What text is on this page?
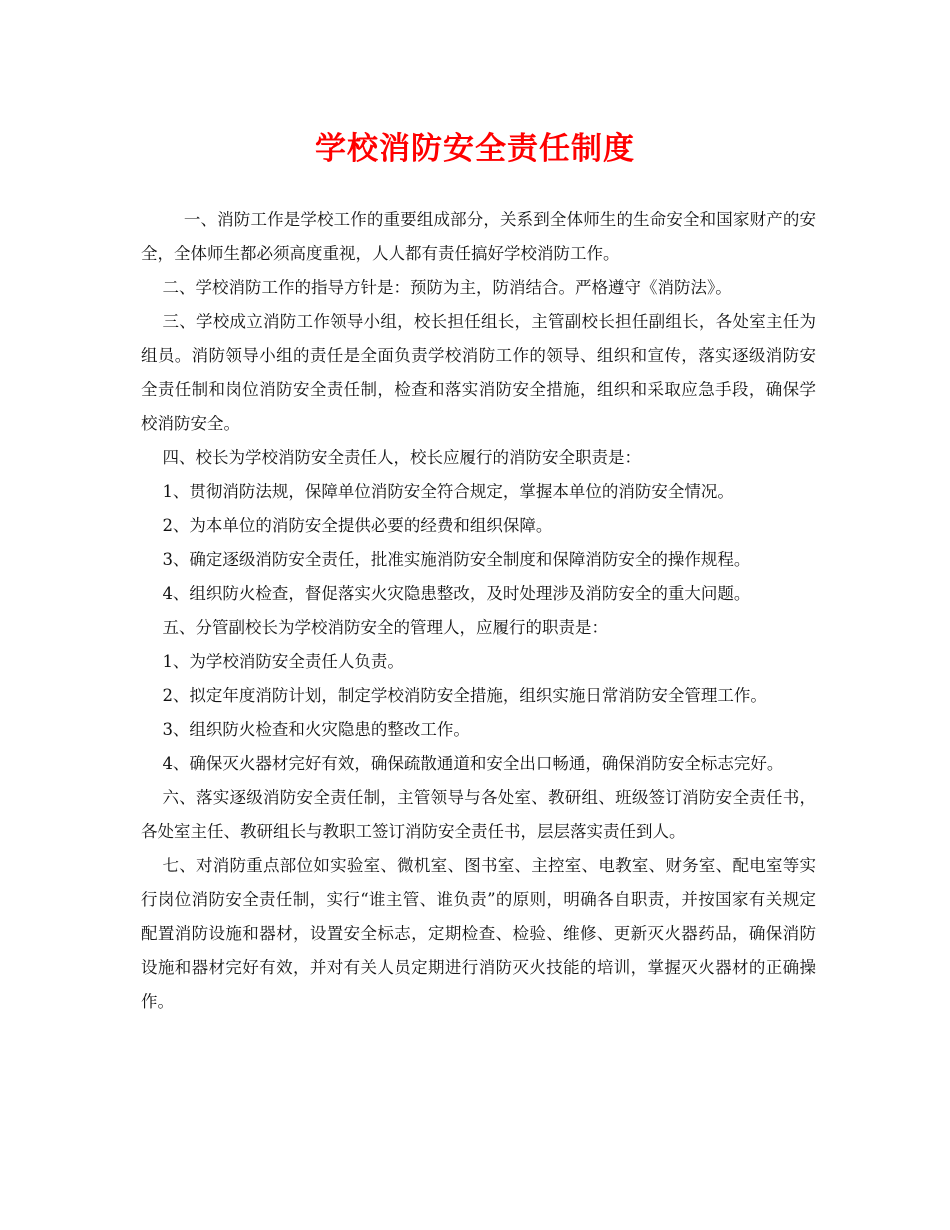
学校消防安全责任制度

一、消防工作是学校工作的重要组成部分，关系到全体师生的生命安全和国家财产的安全，全体师生都必须高度重视，人人都有责任搞好学校消防工作。

二、学校消防工作的指导方针是：预防为主，防消结合。严格遵守《消防法》。

三、学校成立消防工作领导小组，校长担任组长，主管副校长担任副组长，各处室主任为组员。消防领导小组的责任是全面负责学校消防工作的领导、组织和宣传，落实逐级消防安全责任制和岗位消防安全责任制，检查和落实消防安全措施，组织和采取应急手段，确保学校消防安全。

四、校长为学校消防安全责任人，校长应履行的消防安全职责是：

1、贯彻消防法规，保障单位消防安全符合规定，掌握本单位的消防安全情况。

2、为本单位的消防安全提供必要的经费和组织保障。

3、确定逐级消防安全责任，批准实施消防安全制度和保障消防安全的操作规程。

4、组织防火检查，督促落实火灾隐患整改，及时处理涉及消防安全的重大问题。

五、分管副校长为学校消防安全的管理人，应履行的职责是：

1、为学校消防安全责任人负责。

2、拟定年度消防计划，制定学校消防安全措施，组织实施日常消防安全管理工作。

3、组织防火检查和火灾隐患的整改工作。

4、确保灭火器材完好有效，确保疏散通道和安全出口畅通，确保消防安全标志完好。

六、落实逐级消防安全责任制，主管领导与各处室、教研组、班级签订消防安全责任书，各处室主任、教研组长与教职工签订消防安全责任书，层层落实责任到人。

七、对消防重点部位如实验室、微机室、图书室、主控室、电教室、财务室、配电室等实行岗位消防安全责任制，实行“谁主管、谁负责”的原则，明确各自职责，并按国家有关规定配置消防设施和器材，设置安全标志，定期检查、检验、维修、更新灭火器药品，确保消防设施和器材完好有效，并对有关人员定期进行消防灭火技能的培训，掌握灭火器材的正确操作。
